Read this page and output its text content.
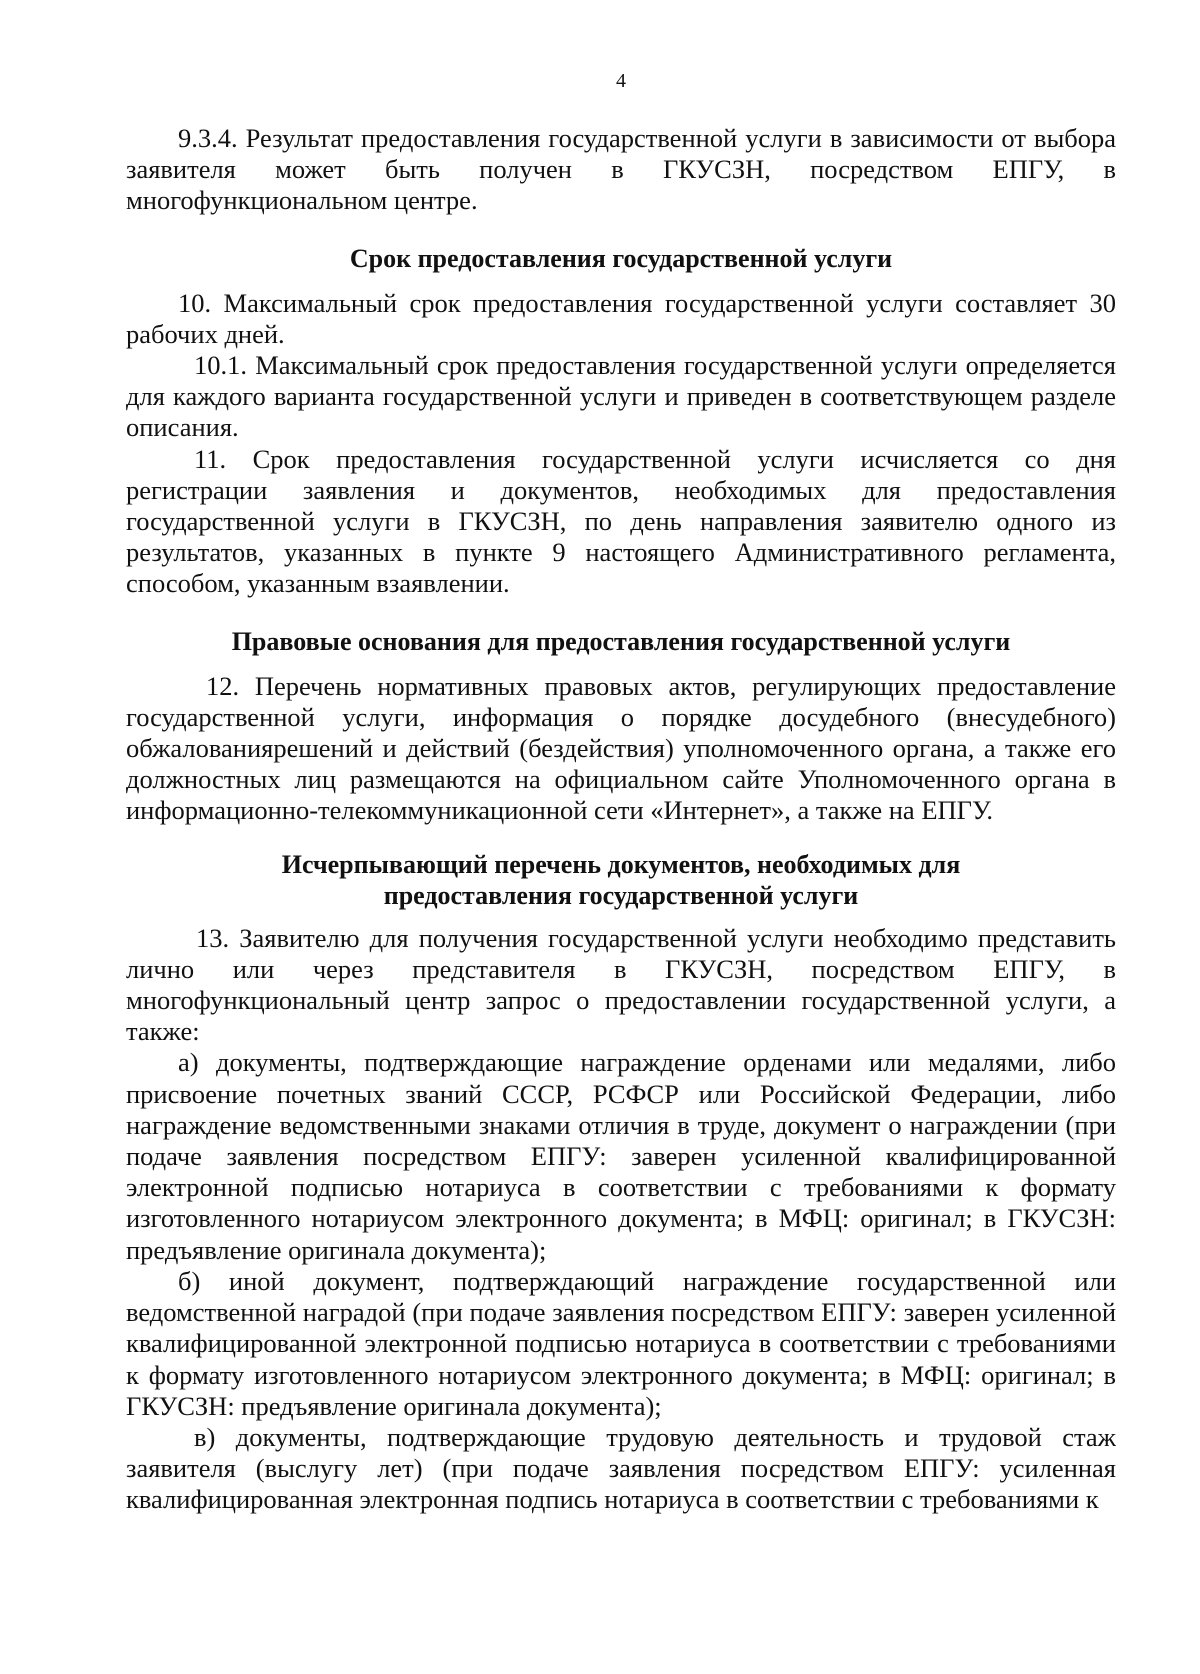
4

9.3.4. Результат предоставления государственной услуги в зависимости от выбора заявителя может быть получен в ГКУСЗН, посредством ЕПГУ, в многофункциональном центре.

Срок предоставления государственной услуги

10. Максимальный срок предоставления государственной услуги составляет 30 рабочих дней.

10.1. Максимальный срок предоставления государственной услуги определяется для каждого варианта государственной услуги и приведен в соответствующем разделе описания.

11. Срок предоставления государственной услуги исчисляется со дня регистрации заявления и документов, необходимых для предоставления государственной услуги в ГКУСЗН, по день направления заявителю одного из результатов, указанных в пункте 9 настоящего Административного регламента, способом, указанным взаявлении.

Правовые основания для предоставления государственной услуги

12. Перечень нормативных правовых актов, регулирующих предоставление государственной услуги, информация о порядке досудебного (внесудебного) обжалованиярешений и действий (бездействия) уполномоченного органа, а также его должностных лиц размещаются на официальном сайте Уполномоченного органа в информационно-телекоммуникационной сети «Интернет», а также на ЕПГУ.

Исчерпывающий перечень документов, необходимых для
предоставления государственной услуги

13. Заявителю для получения государственной услуги необходимо представить лично или через представителя в ГКУСЗН, посредством ЕПГУ, в многофункциональный центр запрос о предоставлении государственной услуги, а также:

а) документы, подтверждающие награждение орденами или медалями, либо присвоение почетных званий СССР, РСФСР или Российской Федерации, либо награждение ведомственными знаками отличия в труде, документ о награждении (при подаче заявления посредством ЕПГУ: заверен усиленной квалифицированной электронной подписью нотариуса в соответствии с требованиями к формату изготовленного нотариусом электронного документа; в МФЦ: оригинал; в ГКУСЗН: предъявление оригинала документа);

б) иной документ, подтверждающий награждение государственной или ведомственной наградой (при подаче заявления посредством ЕПГУ: заверен усиленной квалифицированной электронной подписью нотариуса в соответствии с требованиями к формату изготовленного нотариусом электронного документа; в МФЦ: оригинал; в ГКУСЗН: предъявление оригинала документа);

в) документы, подтверждающие трудовую деятельность и трудовой стаж заявителя (выслугу лет) (при подаче заявления посредством ЕПГУ: усиленная квалифицированная электронная подпись нотариуса в соответствии с требованиями к
